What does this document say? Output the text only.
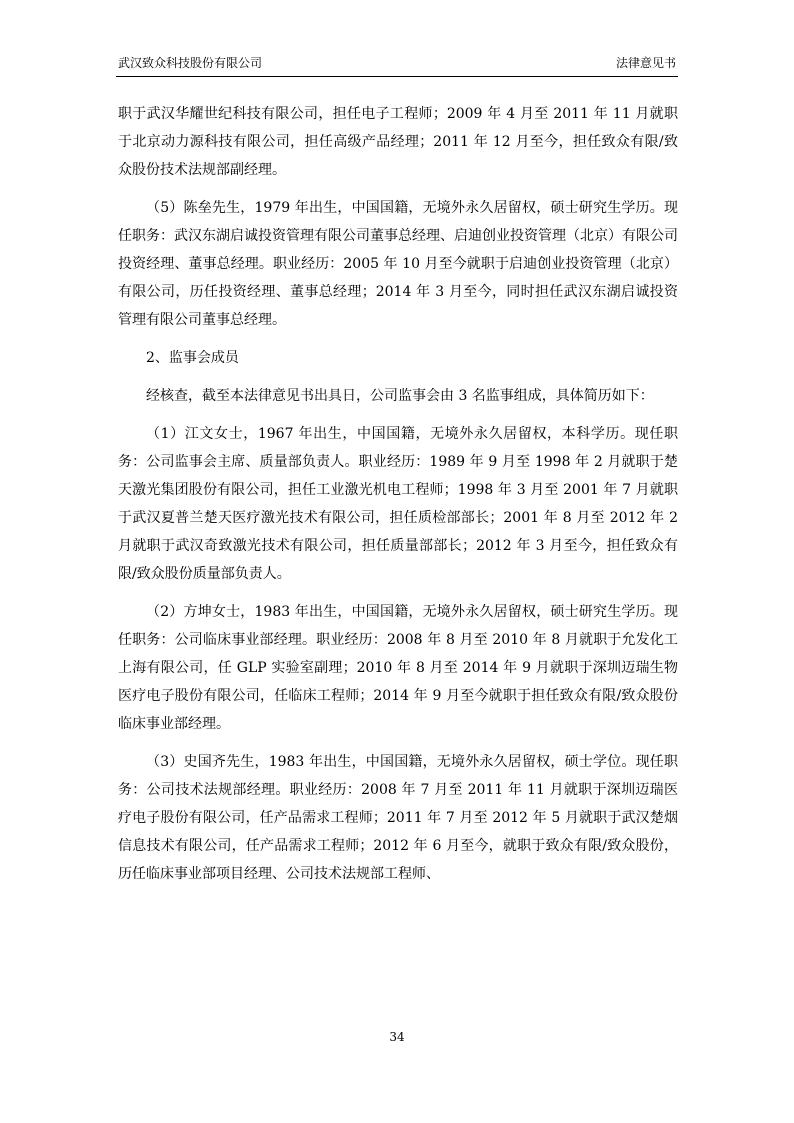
武汉致众科技股份有限公司	法律意见书

职于武汉华耀世纪科技有限公司，担任电子工程师；2009 年 4 月至 2011 年 11 月就职于北京动力源科技有限公司，担任高级产品经理；2011 年 12 月至今，担任致众有限/致众股份技术法规部副经理。

（5）陈垒先生，1979 年出生，中国国籍，无境外永久居留权，硕士研究生学历。现任职务：武汉东湖启诚投资管理有限公司董事总经理、启迪创业投资管理（北京）有限公司投资经理、董事总经理。职业经历：2005 年 10 月至今就职于启迪创业投资管理（北京）有限公司，历任投资经理、董事总经理；2014 年 3 月至今，同时担任武汉东湖启诚投资管理有限公司董事总经理。

2、监事会成员

经核查，截至本法律意见书出具日，公司监事会由 3 名监事组成，具体简历如下：

（1）江文女士，1967 年出生，中国国籍，无境外永久居留权，本科学历。现任职务：公司监事会主席、质量部负责人。职业经历：1989 年 9 月至 1998 年 2 月就职于楚天激光集团股份有限公司，担任工业激光机电工程师；1998 年 3 月至 2001 年 7 月就职于武汉夏普兰楚天医疗激光技术有限公司，担任质检部部长；2001 年 8 月至 2012 年 2 月就职于武汉奇致激光技术有限公司，担任质量部部长；2012 年 3 月至今，担任致众有限/致众股份质量部负责人。

（2）方坤女士，1983 年出生，中国国籍，无境外永久居留权，硕士研究生学历。现任职务：公司临床事业部经理。职业经历：2008 年 8 月至 2010 年 8 月就职于允发化工上海有限公司，任 GLP 实验室副理；2010 年 8 月至 2014 年 9 月就职于深圳迈瑞生物医疗电子股份有限公司，任临床工程师；2014 年 9 月至今就职于担任致众有限/致众股份临床事业部经理。

（3）史国齐先生，1983 年出生，中国国籍，无境外永久居留权，硕士学位。现任职务：公司技术法规部经理。职业经历：2008 年 7 月至 2011 年 11 月就职于深圳迈瑞医疗电子股份有限公司，任产品需求工程师；2011 年 7 月至 2012 年 5 月就职于武汉楚烟信息技术有限公司，任产品需求工程师；2012 年 6 月至今，就职于致众有限/致众股份，历任临床事业部项目经理、公司技术法规部工程师、

34
